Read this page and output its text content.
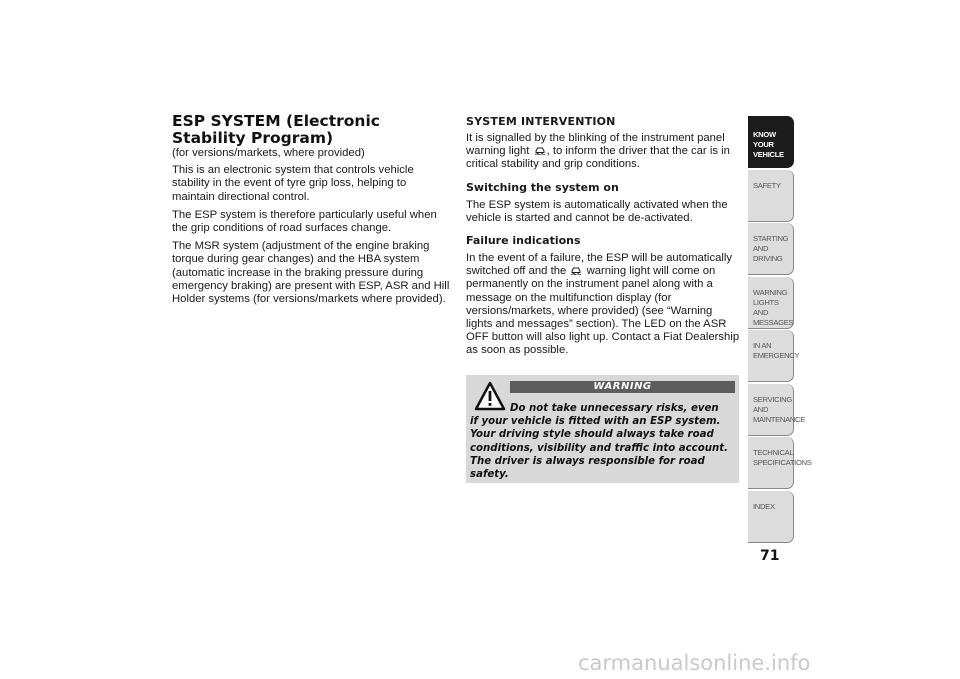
ESP SYSTEM (Electronic Stability Program)

(for versions/markets, where provided)

This is an electronic system that controls vehicle stability in the event of tyre grip loss, helping to maintain directional control.

The ESP system is therefore particularly useful when the grip conditions of road surfaces change.

The MSR system (adjustment of the engine braking torque during gear changes) and the HBA system (automatic increase in the braking pressure during emergency braking) are present with ESP, ASR and Hill Holder systems (for versions/markets where provided).

SYSTEM INTERVENTION

It is signalled by the blinking of the instrument panel warning light , to inform the driver that the car is in critical stability and grip conditions.

Switching the system on

The ESP system is automatically activated when the vehicle is started and cannot be de-activated.

Failure indications

In the event of a failure, the ESP will be automatically switched off and the warning light will come on permanently on the instrument panel along with a message on the multifunction display (for versions/markets, where provided) (see “Warning lights and messages” section). The LED on the ASR OFF button will also light up. Contact a Fiat Dealership as soon as possible.

WARNING
Do not take unnecessary risks, even if your vehicle is fitted with an ESP system. Your driving style should always take road conditions, visibility and traffic into account. The driver is always responsible for road safety.
KNOW YOUR VEHICLE
SAFETY
STARTING AND DRIVING
WARNING LIGHTS AND MESSAGES
IN AN EMERGENCY
SERVICING AND MAINTENANCE
TECHNICAL SPECIFICATIONS
INDEX
71
carmanualsonline.info
